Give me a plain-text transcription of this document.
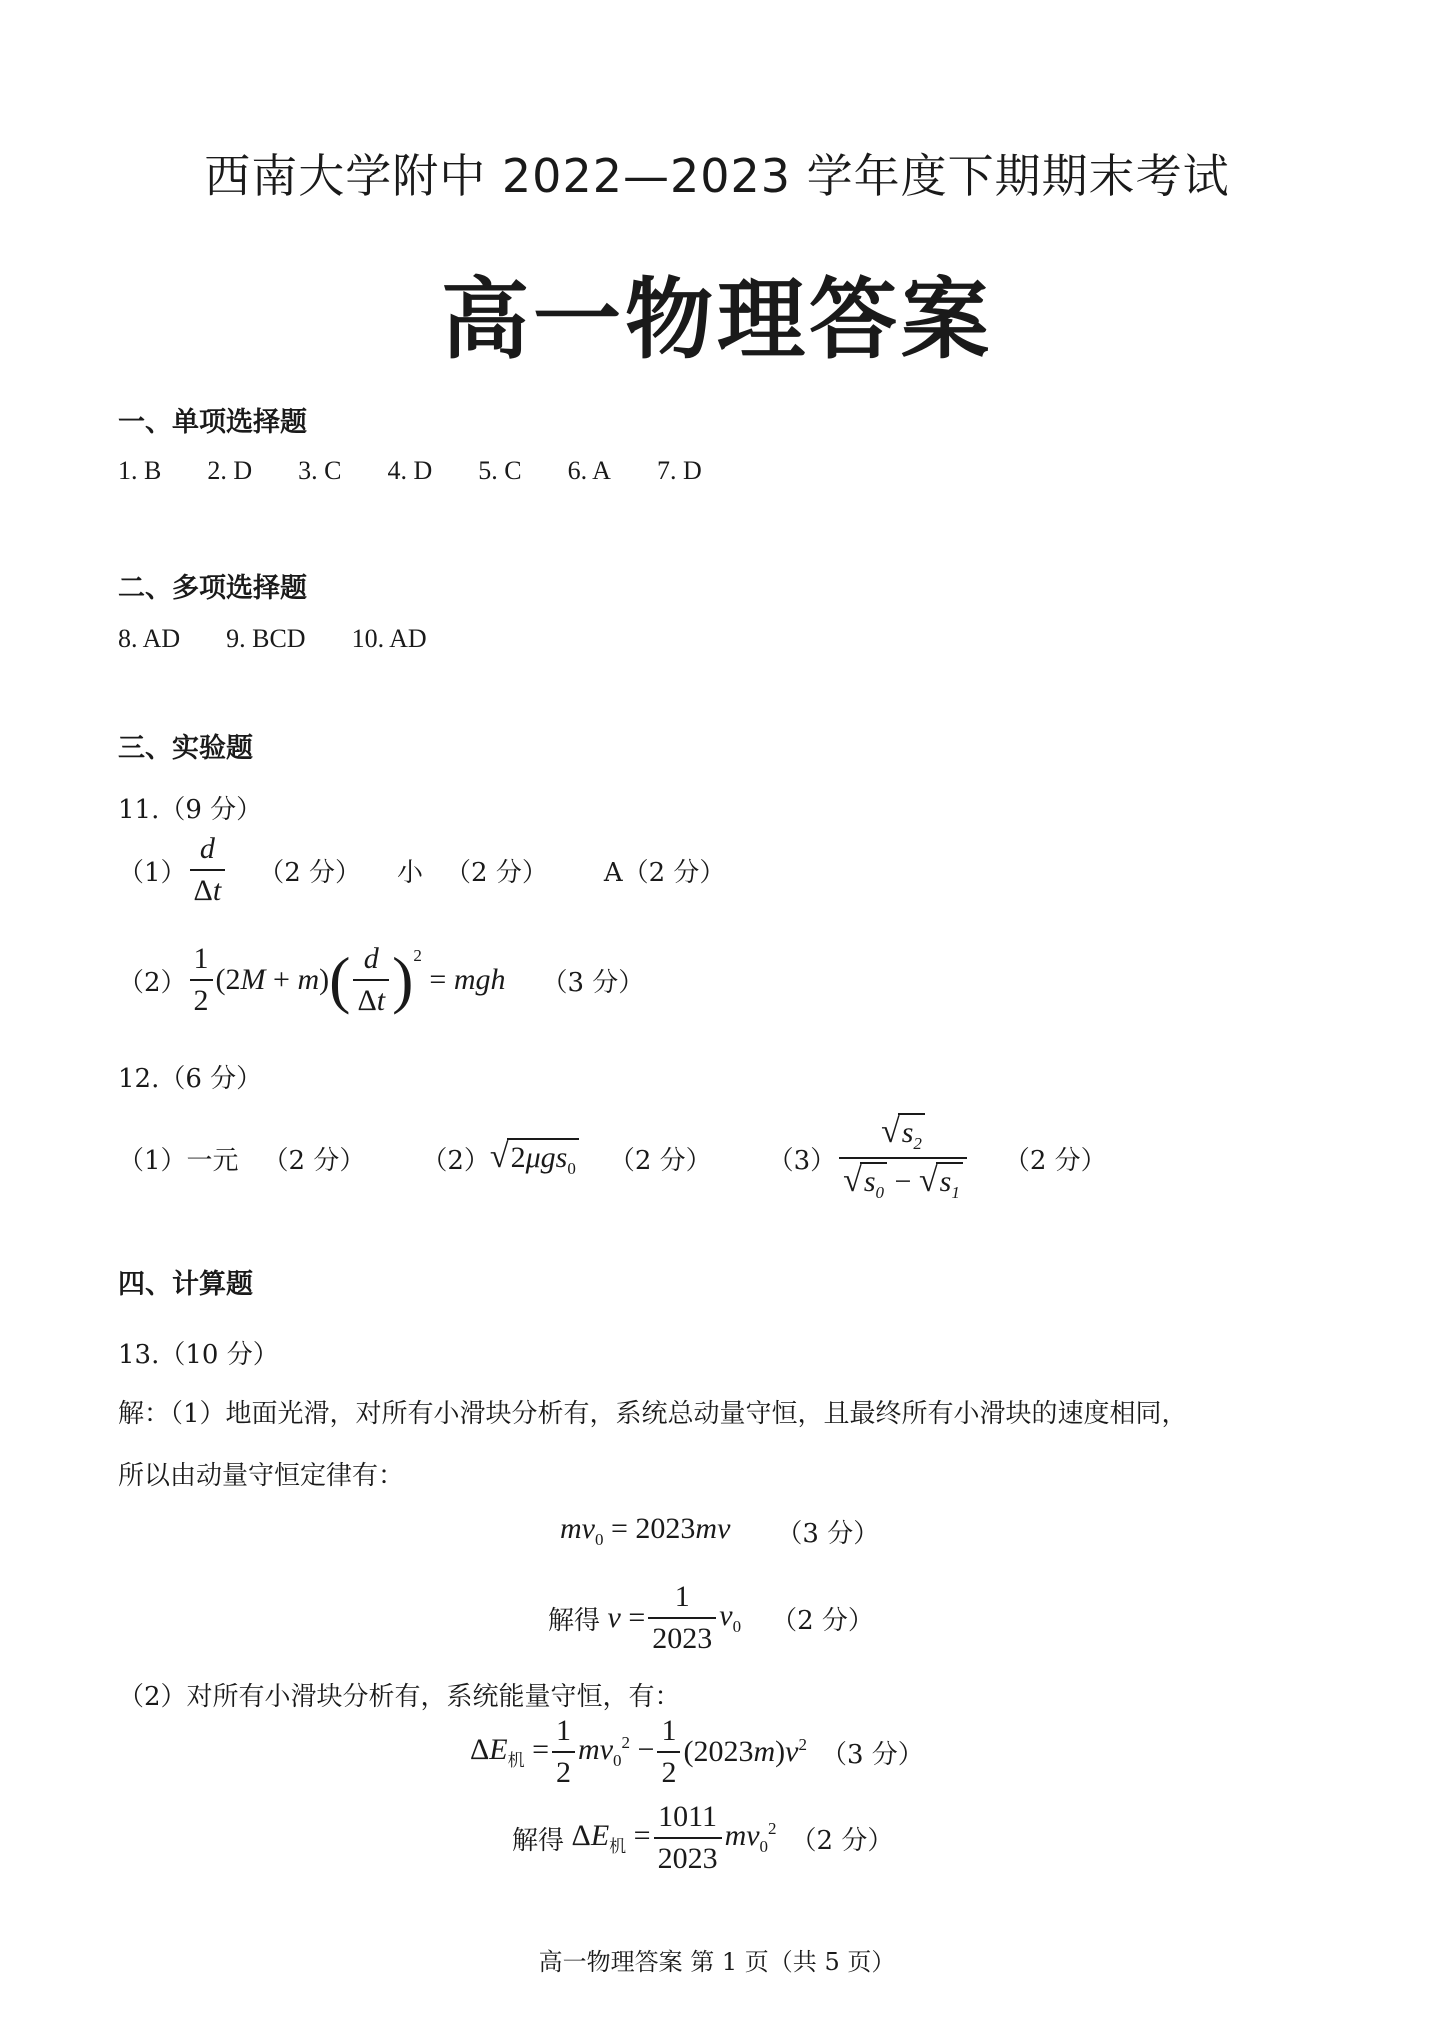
西南大学附中 2022—2023 学年度下期期末考试
高一物理答案
一、单项选择题
1. B 2. D 3. C 4. D 5. C 6. A 7. D
二、多项选择题
8. AD 9. BCD 10. AD
三、实验题
11.（9 分）
$(1) \frac{d}{\Delta t} (2$ 分） 小 （2 分） A（2 分）
$(2) \frac{1}{2} (2$ M + m ) ( $\frac{d}{\Delta t}$ ) 2
= mgh （3 分）
12.（6 分）
（1）一元 （2 分） （2） √2μgs$_0$ （2 分） $(3) \frac{√s_2}{√s_0 - √s_1} (2$ 分）
四、计算题
13.（10 分）
解：（1）地面光滑，对所有小滑块分析有，系统总动量守恒，且最终所有小滑块的速度相同，
所以由动量守恒定律有：
$mv_0 = 2023mv$ （3 分）
解得 $v = \frac{1}{2023} v_0$ （2 分）
（2）对所有小滑块分析有，系统能量守恒，有：
$\Delta E_机 = \frac{1}{2} mv_0^2 - \frac{1}{2} (2023m)v^2$ （3 分）
解得 $\Delta E_机 = \frac{1011}{2023} mv_0^2$ （2 分）
高一物理答案 第 1 页（共 5 页）
